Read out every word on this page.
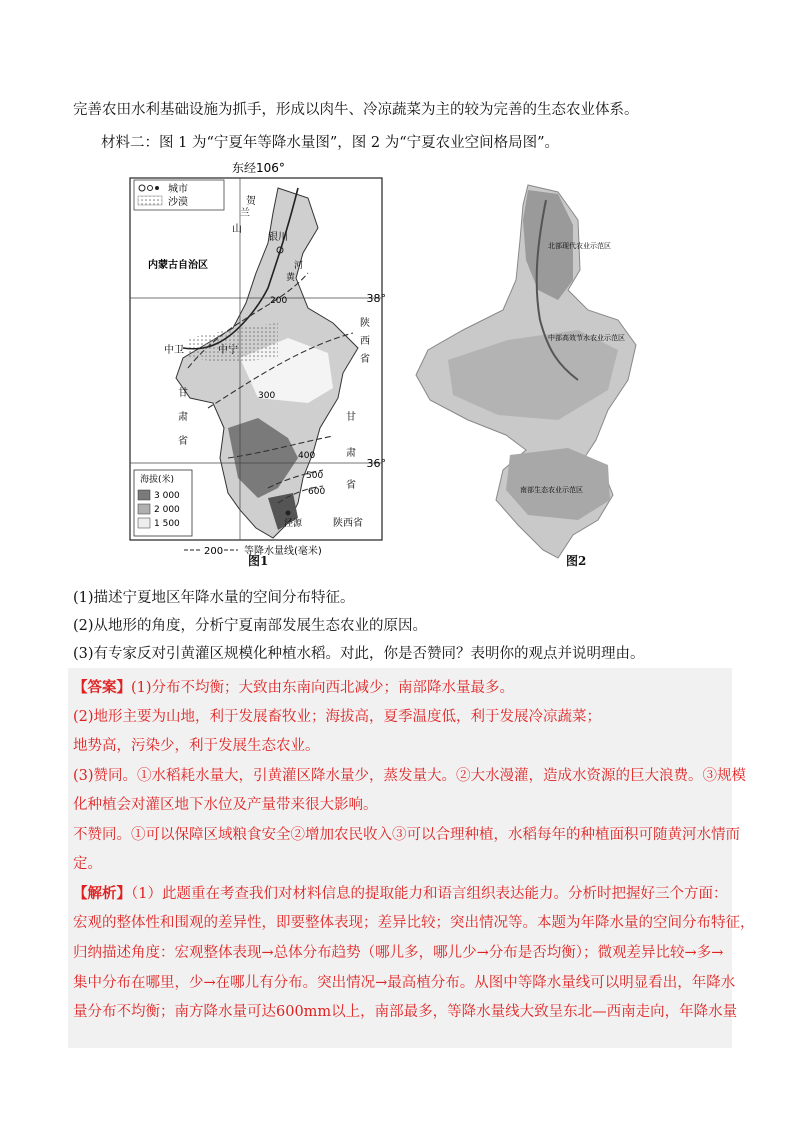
完善农田水利基础设施为抓手，形成以肉牛、冷凉蔬菜为主的较为完善的生态农业体系。
材料二：图 1 为“宁夏年等降水量图”，图 2 为“宁夏农业空间格局图”。
东经106°
城市
沙漠	贺
兰
山
银川
内蒙古自治区
黄
河
中卫	中宁
陕
西
省
甘
肃
省
甘
肃
省
陕西省
泾源
38°
36°
200
300
400
500
600
海拔(米)
3 000
2 000
1 500
200 等降水量线(毫米)
图1
北部现代农业示范区
中部高效节水农业示范区
南部生态农业示范区
图2
(1)描述宁夏地区年降水量的空间分布特征。
(2)从地形的角度，分析宁夏南部发展生态农业的原因。
(3)有专家反对引黄灌区规模化种植水稻。对此，你是否赞同？表明你的观点并说明理由。
【答案】(1)分布不均衡；大致由东南向西北减少；南部降水量最多。
(2)地形主要为山地，利于发展畜牧业；海拔高，夏季温度低，利于发展冷凉蔬菜；
地势高，污染少，利于发展生态农业。
(3)赞同。①水稻耗水量大，引黄灌区降水量少，蒸发量大。②大水漫灌，造成水资源的巨大浪费。③规模
化种植会对灌区地下水位及产量带来很大影响。
不赞同。①可以保障区域粮食安全②增加农民收入③可以合理种植，水稻每年的种植面积可随黄河水情而
定。
【解析】（1）此题重在考查我们对材料信息的提取能力和语言组织表达能力。分析时把握好三个方面：
宏观的整体性和围观的差异性，即要整体表现；差异比较；突出情况等。本题为年降水量的空间分布特征，
归纳描述角度：宏观整体表现→总体分布趋势（哪儿多，哪儿少→分布是否均衡）；微观差异比较→多→
集中分布在哪里，少→在哪儿有分布。突出情况→最高植分布。从图中等降水量线可以明显看出，年降水
量分布不均衡；南方降水量可达600mm以上，南部最多，等降水量线大致呈东北—西南走向，年降水量
